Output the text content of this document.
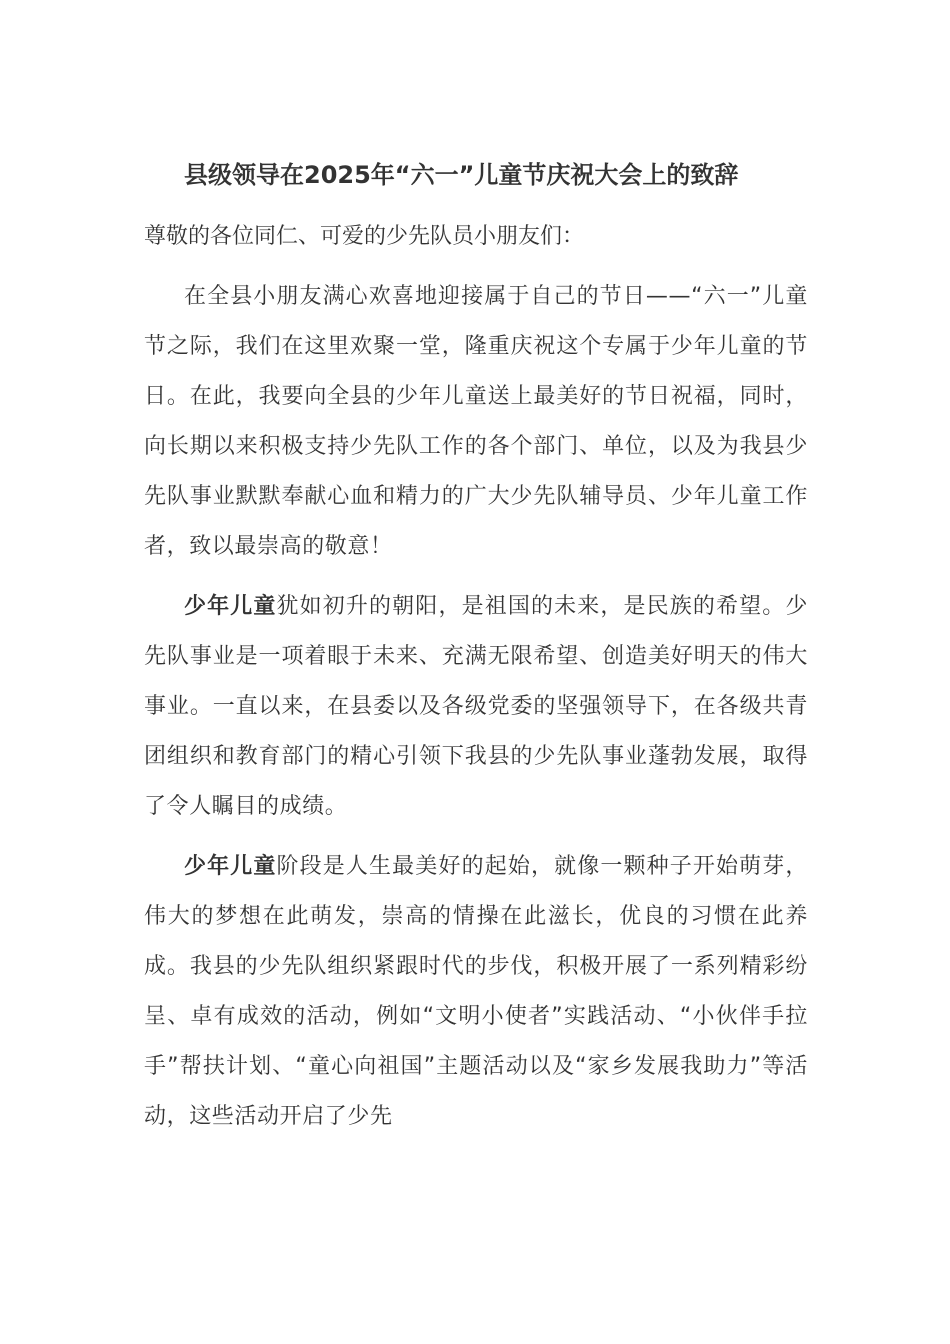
县级领导在2025年“六一”儿童节庆祝大会上的致辞

尊敬的各位同仁、可爱的少先队员小朋友们：

在全县小朋友满心欢喜地迎接属于自己的节日——“六一”儿童节之际，我们在这里欢聚一堂，隆重庆祝这个专属于少年儿童的节日。在此，我要向全县的少年儿童送上最美好的节日祝福，同时，向长期以来积极支持少先队工作的各个部门、单位，以及为我县少先队事业默默奉献心血和精力的广大少先队辅导员、少年儿童工作者，致以最崇高的敬意！

少年儿童犹如初升的朝阳，是祖国的未来，是民族的希望。少先队事业是一项着眼于未来、充满无限希望、创造美好明天的伟大事业。一直以来，在县委以及各级党委的坚强领导下，在各级共青团组织和教育部门的精心引领下我县的少先队事业蓬勃发展，取得了令人瞩目的成绩。

少年儿童阶段是人生最美好的起始，就像一颗种子开始萌芽，伟大的梦想在此萌发，崇高的情操在此滋长，优良的习惯在此养成。我县的少先队组织紧跟时代的步伐，积极开展了一系列精彩纷呈、卓有成效的活动，例如“文明小使者”实践活动、“小伙伴手拉手”帮扶计划、“童心向祖国”主题活动以及“家乡发展我助力”等活动，这些活动开启了少先
